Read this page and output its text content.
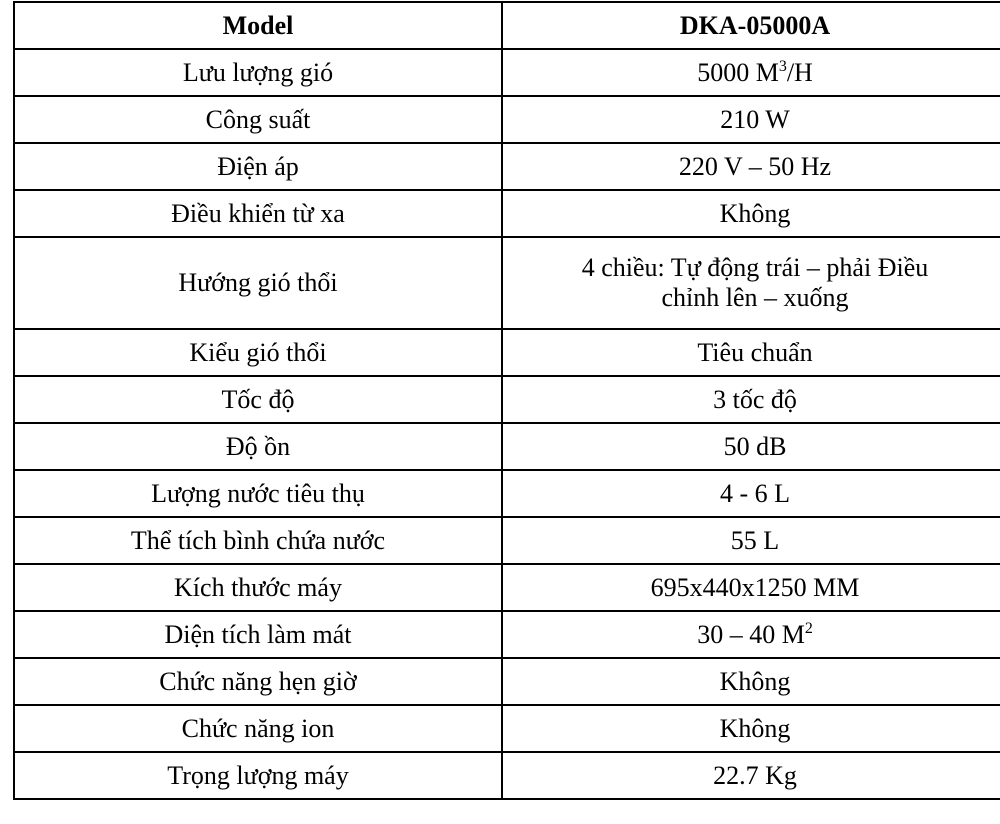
Model	DKA-05000A
Lưu lượng gió	5000 $M^3/H$
Công suất	210 W
Điện áp	220 V – 50 Hz
Điều khiển từ xa	Không
Hướng gió thổi	4 chiều: Tự động trái – phải Điều
chỉnh lên – xuống
Kiểu gió thổi	Tiêu chuẩn
Tốc độ	3 tốc độ
Độ ồn	50 dB
Lượng nước tiêu thụ	4 - 6 L
Thể tích bình chứa nước	55 L
Kích thước máy	695x440x1250 MM
Diện tích làm mát	30 – 40 $M^2$
Chức năng hẹn giờ	Không
Chức năng ion	Không
Trọng lượng máy	22.7 Kg
